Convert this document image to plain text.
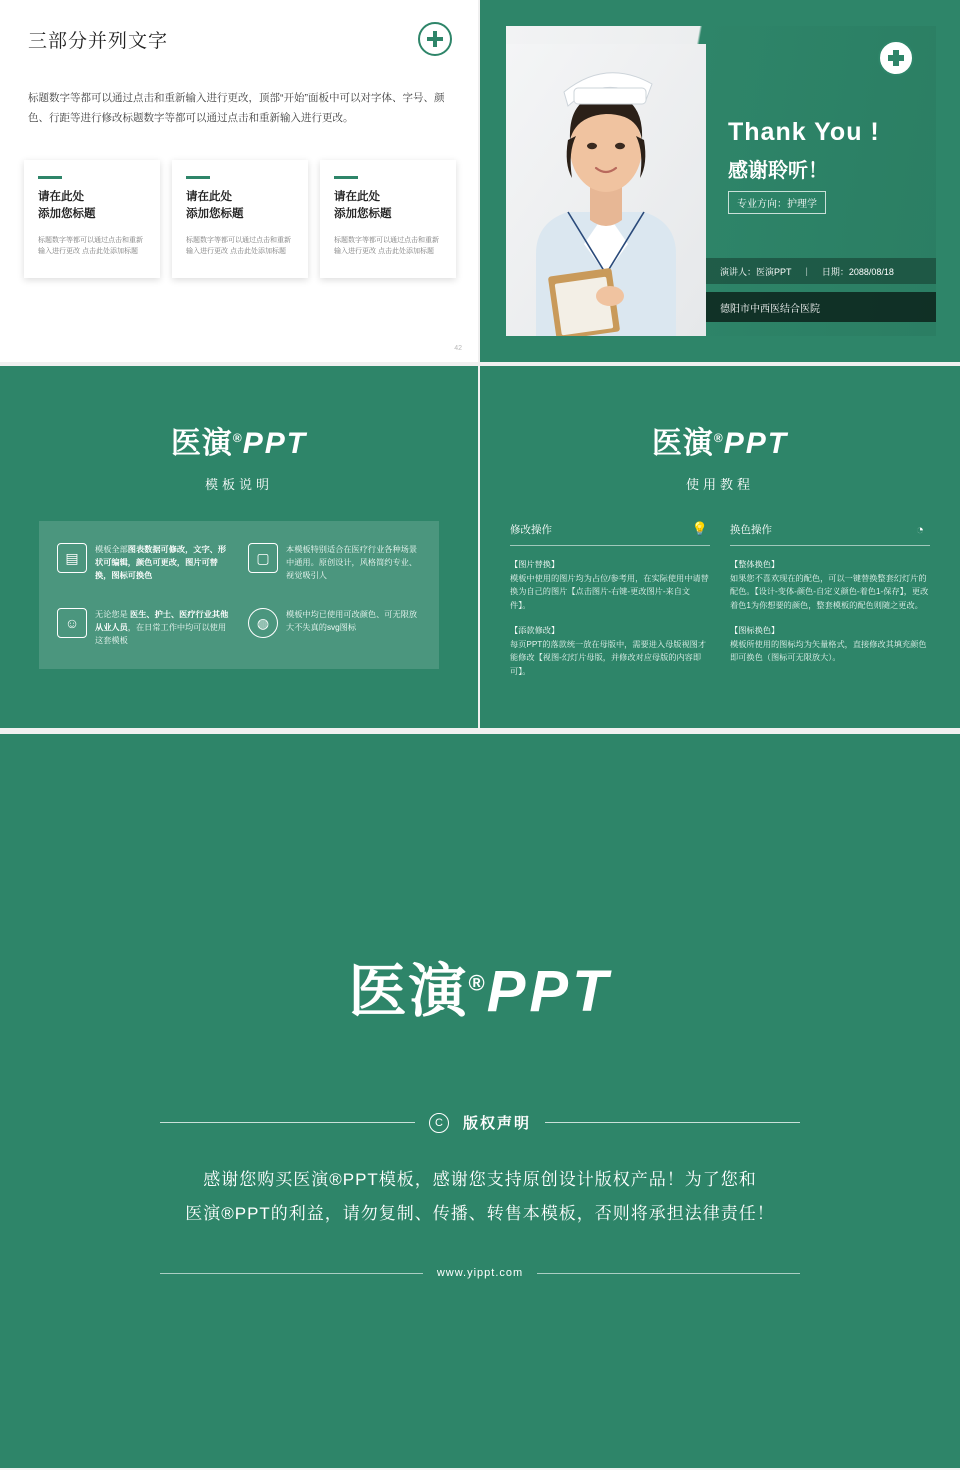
三部分并列文字
标题数字等都可以通过点击和重新输入进行更改，顶部“开始”面板中可以对字体、字号、颜色、行距等进行修改标题数字等都可以通过点击和重新输入进行更改。
请在此处
添加您标题
标题数字等都可以通过点击和重新输入进行更改 点击此处添加标题
请在此处
添加您标题
标题数字等都可以通过点击和重新输入进行更改 点击此处添加标题
请在此处
添加您标题
标题数字等都可以通过点击和重新输入进行更改 点击此处添加标题
42
Thank You !
感谢聆听！
专业方向：护理学
演讲人：医演PPT | 日期：2088/08/18
德阳市中西医结合医院
医演®PPT
模板说明
▤	模板全部图表数据可修改，文字、形状可编辑，颜色可更改，图片可替换，图标可换色
▢	本模板特别适合在医疗行业各种场景中通用。原创设计，风格简约专业、视觉吸引人
☺
无论您是 医生、护士、医疗行业其他从业人员，在日常工作中均可以使用这套模板
◍	模板中均已使用可改颜色、可无限放大不失真的svg图标
医演®PPT
使用教程
修改操作	💡
【图片替换】
模板中使用的图片均为占位/参考用，在实际使用中请替换为自己的图片【点击图片-右键-更改图片-来自文件】。
【添款修改】
每页PPT的落款统一放在母版中，需要进入母版视图才能修改【视图-幻灯片母版，并修改对应母版的内容即可】。
换色操作	◔
【整体换色】
如果您不喜欢现在的配色，可以一键替换整套幻灯片的配色。【设计-变体-颜色-自定义颜色-着色1-保存】，更改着色1为你想要的颜色，整套模板的配色则随之更改。
【图标换色】
模板所使用的图标均为矢量格式，直接修改其填充颜色即可换色（图标可无限放大）。
医演®PPT
C	版权声明
感谢您购买医演®PPT模板，感谢您支持原创设计版权产品！为了您和
医演®PPT的利益，请勿复制、传播、转售本模板，否则将承担法律责任！
www.yippt.com
